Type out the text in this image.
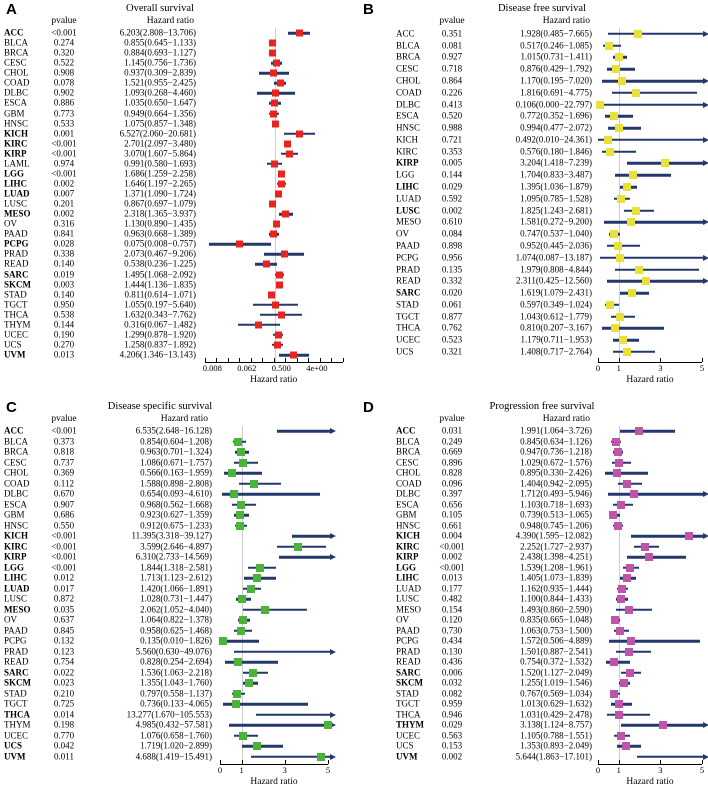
A	Overall survival
pvalue	Hazard ratio
ACC	<0.001	6.203(2.808−13.706)
BLCA	0.274	0.855(0.645−1.133)
BRCA	0.320	0.884(0.693−1.127)
CESC	0.522	1.145(0.756−1.736)
CHOL	0.908	0.937(0.309−2.839)
COAD	0.078	1.521(0.955−2.425)
DLBC	0.902	1.093(0.268−4.460)
ESCA	0.886	1.035(0.650−1.647)
GBM	0.773	0.949(0.664−1.356)
HNSC	0.533	1.075(0.857−1.348)
KICH	0.001	6.527(2.060−20.681)
KIRC	<0.001	2.701(2.097−3.480)
KIRP	<0.001	3.070(1.607−5.864)
LAML	0.974	0.991(0.580−1.693)
LGG	<0.001	1.686(1.259−2.258)
LIHC	0.002	1.646(1.197−2.265)
LUAD	0.007	1.371(1.090−1.724)
LUSC	0.201	0.867(0.697−1.079)
MESO	0.002	2.318(1.365−3.937)
OV	0.316	1.130(0.890−1.435)
PAAD	0.841	0.963(0.668−1.389)
PCPG	0.028	0.075(0.008−0.757)
PRAD	0.338	2.073(0.467−9.206)
READ	0.140	0.538(0.236−1.225)
SARC	0.019	1.495(1.068−2.092)
SKCM	0.003	1.444(1.136−1.835)
STAD	0.140	0.811(0.614−1.071)
TGCT	0.950	1.055(0.197−5.640)
THCA	0.538	1.632(0.343−7.762)
THYM	0.144	0.316(0.067−1.482)
UCEC	0.190	1.299(0.878−1.920)
UCS	0.270	1.258(0.837−1.892)
UVM	0.013	4.206(1.346−13.143)
0.008 0.062 0.500 4e+00
Hazard ratio
B	Disease free survival
pvalue	Hazard ratio
ACC	0.351	1.928(0.485−7.665)
BLCA	0.081	0.517(0.246−1.085)
BRCA	0.927	1.015(0.731−1.411)
CESC	0.718	0.876(0.429−1.792)
CHOL	0.864	1.170(0.195−7.020)
COAD	0.226	1.816(0.691−4.775)
DLBC	0.413	0.106(0.000−22.797)
ESCA	0.520	0.772(0.352−1.696)
HNSC	0.988	0.994(0.477−2.072)
KICH	0.721	0.492(0.010−24.361)
KIRC	0.353	0.576(0.180−1.846)
KIRP	0.005	3.204(1.418−7.239)
LGG	0.144	1.704(0.833−3.487)
LIHC	0.029	1.395(1.036−1.879)
LUAD	0.592	1.095(0.785−1.528)
LUSC	0.002	1.825(1.243−2.681)
MESO	0.610	1.581(0.272−9.200)
OV	0.084	0.747(0.537−1.040)
PAAD	0.898	0.952(0.445−2.036)
PCPG	0.956	1.074(0.087−13.187)
PRAD	0.135	1.979(0.808−4.844)
READ	0.332	2.311(0.425−12.560)
SARC	0.020	1.619(1.079−2.431)
STAD	0.061	0.597(0.349−1.024)
TGCT	0.877	1.043(0.612−1.779)
THCA	0.762	0.810(0.207−3.167)
UCEC	0.523	1.179(0.711−1.953)
UCS	0.321	1.408(0.717−2.764)
0	1	3	5
Hazard ratio
C	Disease specific survival
pvalue	Hazard ratio
ACC	<0.001	6.535(2.648−16.128)
BLCA	0.373	0.854(0.604−1.208)
BRCA	0.818	0.963(0.701−1.324)
CESC	0.737	1.086(0.671−1.757)
CHOL	0.369	0.566(0.163−1.959)
COAD	0.112	1.588(0.898−2.808)
DLBC	0.670	0.654(0.093−4.610)
ESCA	0.907	0.968(0.562−1.668)
GBM	0.686	0.923(0.627−1.359)
HNSC	0.550	0.912(0.675−1.233)
KICH	<0.001	11.395(3.318−39.127)
KIRC	<0.001	3.599(2.646−4.897)
KIRP	<0.001	6.310(2.733−14.569)
LGG	<0.001	1.844(1.318−2.581)
LIHC	0.012	1.713(1.123−2.612)
LUAD	0.017	1.420(1.066−1.891)
LUSC	0.872	1.028(0.731−1.447)
MESO	0.035	2.062(1.052−4.040)
OV	0.637	1.064(0.822−1.378)
PAAD	0.845	0.958(0.625−1.468)
PCPG	0.132	0.135(0.010−1.826)
PRAD	0.123	5.560(0.630−49.076)
READ	0.754	0.828(0.254−2.694)
SARC	0.022	1.536(1.063−2.218)
SKCM	0.023	1.355(1.043−1.760)
STAD	0.210	0.797(0.558−1.137)
TGCT	0.725	0.736(0.133−4.065)
THCA	0.014	13.277(1.670−105.553)
THYM	0.198	4.985(0.432−57.581)
UCEC	0.770	1.076(0.658−1.760)
UCS	0.042	1.719(1.020−2.899)
UVM	0.011	4.688(1.419−15.491)
0	1	3	5
Hazard ratio
D	Progression free survival
pvalue	Hazard ratio
ACC	0.031	1.991(1.064−3.726)
BLCA	0.249	0.845(0.634−1.126)
BRCA	0.669	0.947(0.736−1.218)
CESC	0.896	1.029(0.672−1.576)
CHOL	0.828	0.895(0.330−2.426)
COAD	0.096	1.404(0.942−2.095)
DLBC	0.397	1.712(0.493−5.946)
ESCA	0.656	1.103(0.718−1.693)
GBM	0.105	0.739(0.513−1.065)
HNSC	0.661	0.948(0.745−1.206)
KICH	0.004	4.390(1.595−12.082)
KIRC	<0.001	2.252(1.727−2.937)
KIRP	0.002	2.438(1.398−4.251)
LGG	<0.001	1.539(1.208−1.961)
LIHC	0.013	1.405(1.073−1.839)
LUAD	0.177	1.162(0.935−1.444)
LUSC	0.482	1.100(0.844−1.433)
MESO	0.154	1.493(0.860−2.590)
OV	0.120	0.835(0.665−1.048)
PAAD	0.730	1.063(0.753−1.500)
PCPG	0.434	1.572(0.506−4.889)
PRAD	0.130	1.501(0.887−2.541)
READ	0.436	0.754(0.372−1.532)
SARC	0.006	1.520(1.127−2.049)
SKCM	0.032	1.255(1.019−1.546)
STAD	0.082	0.767(0.569−1.034)
TGCT	0.959	1.013(0.629−1.632)
THCA	0.946	1.031(0.429−2.478)
THYM	0.029	3.138(1.124−8.757)
UCEC	0.563	1.105(0.788−1.551)
UCS	0.153	1.353(0.893−2.049)
UVM	0.002	5.644(1.863−17.101)
0	1	3	5
Hazard ratio
